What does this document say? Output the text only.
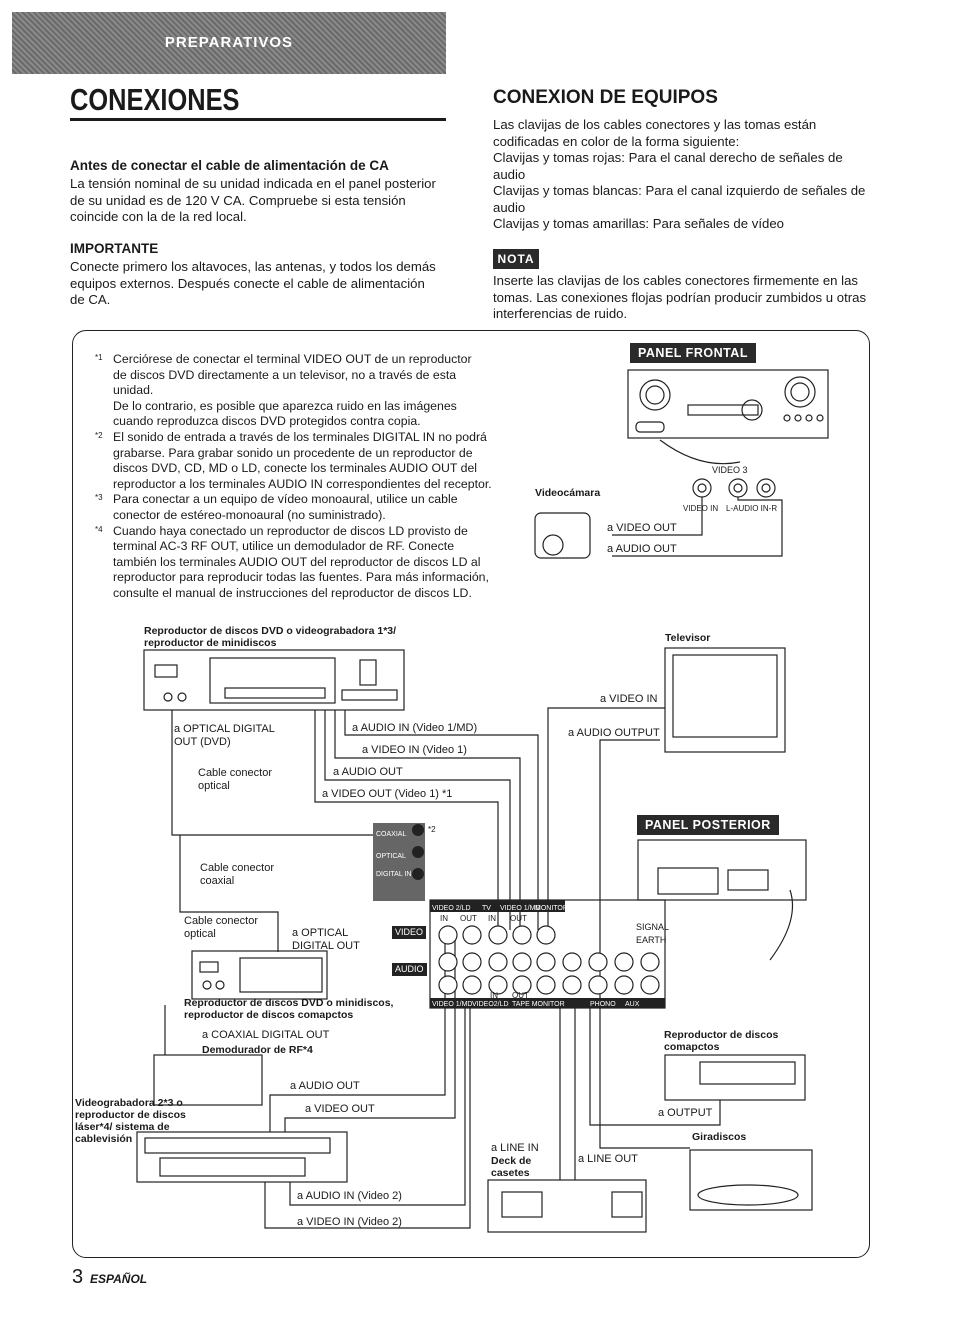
PREPARATIVOS
CONEXIONES
Antes de conectar el cable de alimentación de CA
La tensión nominal de su unidad indicada en el panel posterior
de su unidad es de 120 V CA. Compruebe si esta tensión
coincide con la de la red local.
IMPORTANTE
Conecte primero los altavoces, las antenas, y todos los demás
equipos externos. Después conecte el cable de alimentación
de CA.
CONEXION DE EQUIPOS
Las clavijas de los cables conectores y las tomas están
codificadas en color de la forma siguiente:
Clavijas y tomas rojas: Para el canal derecho de señales de
audio
Clavijas y tomas blancas: Para el canal izquierdo de señales de
audio
Clavijas y tomas amarillas: Para señales de vídeo
NOTA
Inserte las clavijas de los cables conectores firmemente en las
tomas. Las conexiones flojas podrían producir zumbidos u otras
interferencias de ruido.
*1 Cerciórese de conectar el terminal VIDEO OUT de un reproductor
de discos DVD directamente a un televisor, no a través de esta unidad.
De lo contrario, es posible que aparezca ruido en las imágenes
cuando reproduzca discos DVD protegidos contra copia.
*2 El sonido de entrada a través de los terminales DIGITAL IN no podrá
grabarse. Para grabar sonido un procedente de un reproductor de
discos DVD, CD, MD o LD, conecte los terminales AUDIO OUT del
reproductor a los terminales AUDIO IN correspondientes del receptor.
*3 Para conectar a un equipo de vídeo monoaural, utilice un cable
conector de estéreo-monoaural (no suministrado).
*4 Cuando haya conectado un reproductor de discos LD provisto de
terminal AC-3 RF OUT, utilice un demodulador de RF. Conecte
también los terminales AUDIO OUT del reproductor de discos LD al
reproductor para reproducir todas las fuentes. Para más información,
consulte el manual de instrucciones del reproductor de discos LD.
PANEL FRONTAL
PANEL POSTERIOR
VIDEO 3
VIDEO IN L-AUDIO IN-R
Videocámara
a VIDEO OUT
a AUDIO OUT
Reproductor de discos DVD o videograbadora 1*3/
reproductor de minidiscos	Televisor
a VIDEO IN
a AUDIO OUTPUT
a OPTICAL DIGITAL
OUT (DVD)
a AUDIO IN (Video 1/MD)
a VIDEO IN (Video 1)
Cable conector
optical
a AUDIO OUT
a VIDEO OUT (Video 1) *1
COAXIAL
OPTICAL
DIGITAL IN
*2
Cable conector
coaxial
Cable conector
optical	a OPTICAL
DIGITAL OUT
VIDEO
AUDIO
SIGNAL
EARTH
VIDEO 2/LD TV VIDEO 1/MD
MONITOR
VIDEO 1/MD VIDEO2/LD TAPE MONITOR	PHONO AUX
IN OUT IN OUT
IN OUT
Reproductor de discos DVD o minidiscos,
reproductor de discos comapctos
a COAXIAL DIGITAL OUT
Demodurador de RF*4
a AUDIO OUT
a VIDEO OUT
Videograbadora 2*3 o
reproductor de discos
láser*4/ sistema de
cablevisión
a AUDIO IN (Video 2)
a VIDEO IN (Video 2)
Reproductor de discos
comapctos
a OUTPUT
Giradiscos
a LINE IN
Deck de
casetes
a LINE OUT
3 ESPAÑOL
